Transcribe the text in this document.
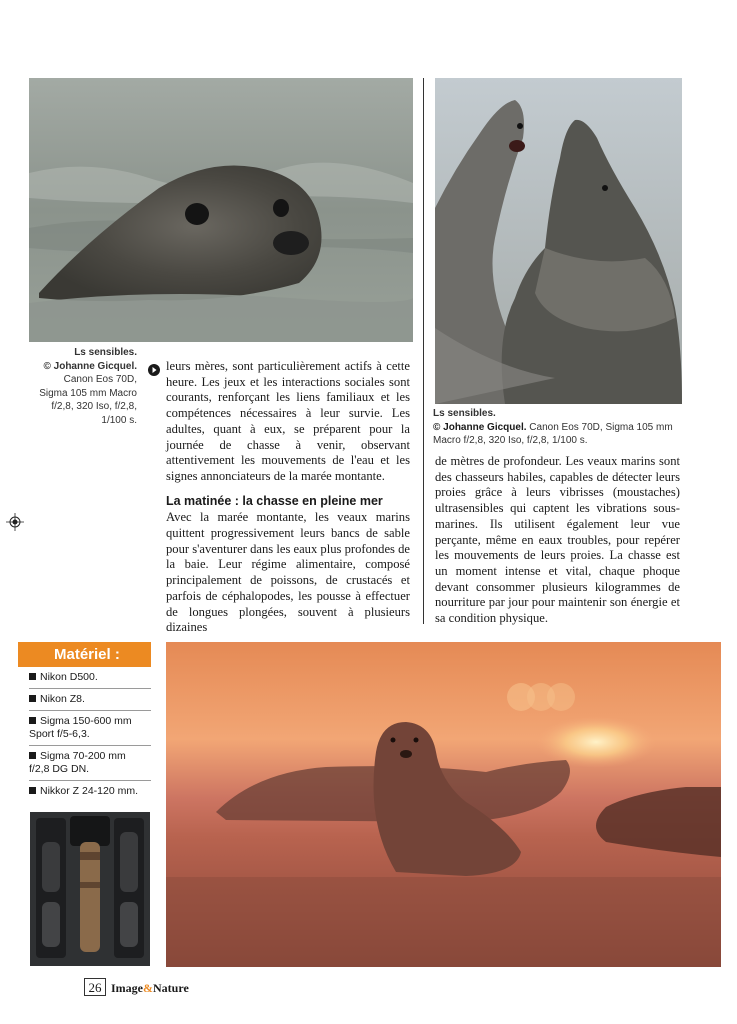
Ls sensibles.
© Johanne Gicquel.
Canon Eos 70D,
Sigma 105 mm Macro
f/2,8, 320 Iso, f/2,8,
1/100 s.

leurs mères, sont particulièrement actifs à cette heure. Les jeux et les interactions sociales sont courants, renforçant les liens familiaux et les compétences nécessaires à leur survie. Les adultes, quant à eux, se préparent pour la journée de chasse à venir, observant attentivement les mouvements de l'eau et les signes annonciateurs de la marée montante.

La matinée : la chasse en pleine mer

Avec la marée montante, les veaux marins quittent progressivement leurs bancs de sable pour s'aventurer dans les eaux plus profondes de la baie. Leur régime alimentaire, composé principalement de poissons, de crustacés et parfois de céphalopodes, les pousse à effectuer de longues plongées, souvent à plusieurs dizaines

Ls sensibles.
© Johanne Gicquel. Canon Eos 70D, Sigma 105 mm Macro f/2,8, 320 Iso, f/2,8, 1/100 s.

de mètres de profondeur. Les veaux marins sont des chasseurs habiles, capables de détecter leurs proies grâce à leurs vibrisses (moustaches) ultrasensibles qui captent les vibrations sous-marines. Ils utilisent également leur vue perçante, même en eaux troubles, pour repérer les mouvements de leurs proies. La chasse est un moment intense et vital, chaque phoque devant consommer plusieurs kilogrammes de nourriture par jour pour maintenir son énergie et sa condition physique.

Matériel :
Nikon D500.
Nikon Z8.
Sigma 150-600 mm
Sport f/5-6,3.
Sigma 70-200 mm
f/2,8 DG DN.
Nikkor Z 24-120 mm.
26 Image&Nature
